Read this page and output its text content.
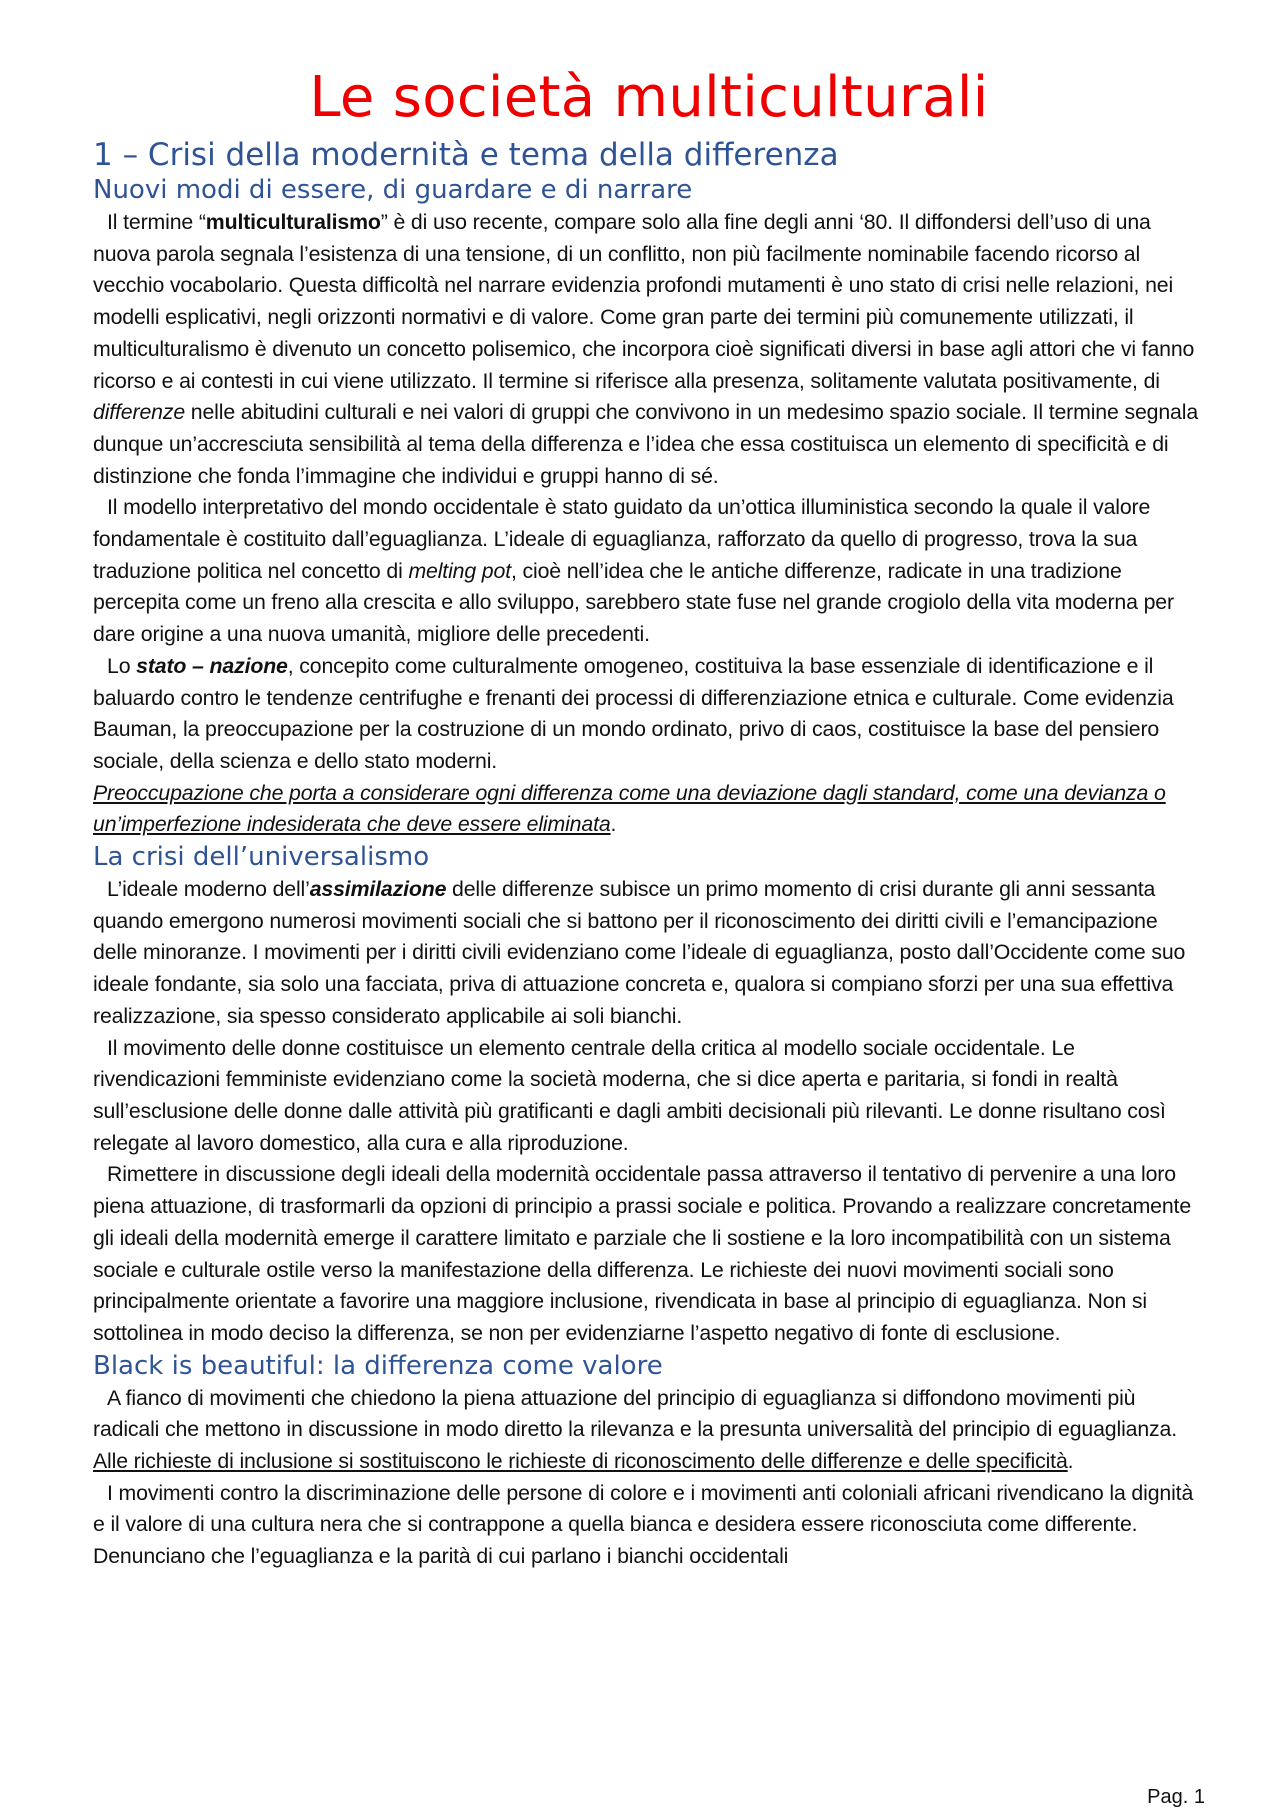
Le società multiculturali
1 – Crisi della modernità e tema della differenza
Nuovi modi di essere, di guardare e di narrare

Il termine “multiculturalismo” è di uso recente, compare solo alla fine degli anni ‘80. Il diffondersi dell’uso di una nuova parola segnala l’esistenza di una tensione, di un conflitto, non più facilmente nominabile facendo ricorso al vecchio vocabolario. Questa difficoltà nel narrare evidenzia profondi mutamenti è uno stato di crisi nelle relazioni, nei modelli esplicativi, negli orizzonti normativi e di valore. Come gran parte dei termini più comunemente utilizzati, il multiculturalismo è divenuto un concetto polisemico, che incorpora cioè significati diversi in base agli attori che vi fanno ricorso e ai contesti in cui viene utilizzato. Il termine si riferisce alla presenza, solitamente valutata positivamente, di differenze nelle abitudini culturali e nei valori di gruppi che convivono in un medesimo spazio sociale. Il termine segnala dunque un’accresciuta sensibilità al tema della differenza e l’idea che essa costituisca un elemento di specificità e di distinzione che fonda l’immagine che individui e gruppi hanno di sé.

Il modello interpretativo del mondo occidentale è stato guidato da un’ottica illuministica secondo la quale il valore fondamentale è costituito dall’eguaglianza. L’ideale di eguaglianza, rafforzato da quello di progresso, trova la sua traduzione politica nel concetto di melting pot, cioè nell’idea che le antiche differenze, radicate in una tradizione percepita come un freno alla crescita e allo sviluppo, sarebbero state fuse nel grande crogiolo della vita moderna per dare origine a una nuova umanità, migliore delle precedenti.

Lo stato – nazione, concepito come culturalmente omogeneo, costituiva la base essenziale di identificazione e il baluardo contro le tendenze centrifughe e frenanti dei processi di differenziazione etnica e culturale. Come evidenzia Bauman, la preoccupazione per la costruzione di un mondo ordinato, privo di caos, costituisce la base del pensiero sociale, della scienza e dello stato moderni.

Preoccupazione che porta a considerare ogni differenza come una deviazione dagli standard, come una devianza o un’imperfezione indesiderata che deve essere eliminata.

La crisi dell’universalismo

L’ideale moderno dell’assimilazione delle differenze subisce un primo momento di crisi durante gli anni sessanta quando emergono numerosi movimenti sociali che si battono per il riconoscimento dei diritti civili e l’emancipazione delle minoranze. I movimenti per i diritti civili evidenziano come l’ideale di eguaglianza, posto dall’Occidente come suo ideale fondante, sia solo una facciata, priva di attuazione concreta e, qualora si compiano sforzi per una sua effettiva realizzazione, sia spesso considerato applicabile ai soli bianchi.

Il movimento delle donne costituisce un elemento centrale della critica al modello sociale occidentale. Le rivendicazioni femministe evidenziano come la società moderna, che si dice aperta e paritaria, si fondi in realtà sull’esclusione delle donne dalle attività più gratificanti e dagli ambiti decisionali più rilevanti. Le donne risultano così relegate al lavoro domestico, alla cura e alla riproduzione.

Rimettere in discussione degli ideali della modernità occidentale passa attraverso il tentativo di pervenire a una loro piena attuazione, di trasformarli da opzioni di principio a prassi sociale e politica. Provando a realizzare concretamente gli ideali della modernità emerge il carattere limitato e parziale che li sostiene e la loro incompatibilità con un sistema sociale e culturale ostile verso la manifestazione della differenza. Le richieste dei nuovi movimenti sociali sono principalmente orientate a favorire una maggiore inclusione, rivendicata in base al principio di eguaglianza. Non si sottolinea in modo deciso la differenza, se non per evidenziarne l’aspetto negativo di fonte di esclusione.

Black is beautiful: la differenza come valore

A fianco di movimenti che chiedono la piena attuazione del principio di eguaglianza si diffondono movimenti più radicali che mettono in discussione in modo diretto la rilevanza e la presunta universalità del principio di eguaglianza. Alle richieste di inclusione si sostituiscono le richieste di riconoscimento delle differenze e delle specificità.

I movimenti contro la discriminazione delle persone di colore e i movimenti anti coloniali africani rivendicano la dignità e il valore di una cultura nera che si contrappone a quella bianca e desidera essere riconosciuta come differente. Denunciano che l’eguaglianza e la parità di cui parlano i bianchi occidentali

Pag. 1
